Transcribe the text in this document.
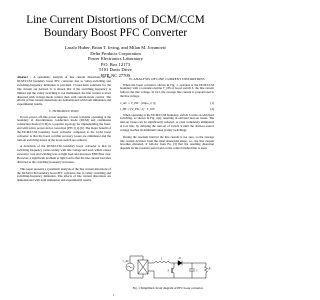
Line Current Distortions of DCM/CCM
Boundary Boost PFC Converter
Laszlo Huber, Brian T. Irving, and Milan M. Jovanović
Delta Products Corporation
Power Electronics Laboratory
P.O. Box 12173
5101 Davis Drive
RTP, NC 27709

Abstract – A systematic analysis of line current distortions of the DCM/CCM boundary boost PFC converter due to valley-switching and switching-frequency limitation is provided. Closed-form solutions for the line current are derived. It is shown that if the switching frequency is limited and the valley switching is not maintained, the line current is more distorted with voltage-mode control than with current-mode control. The effects of line current distortions are demonstrated with both simulation and experimental results.

I. INTRODUCTION

In low-power, off-line power supplies, a boost converter operating at the boundary of discontinuous conduction mode (DCM) and continuous conduction mode (CCM) is a popular topology for implementing the front-end with active power-factor correction (PFC) [1]-[6]. The major benefit of the DCM/CCM boundary boost converter compared to the CCM boost converter is that the boost rectifier recovery losses are eliminated and the turn-on switching losses of the boost switch are reduced.

A drawback of the DCM/CCM boundary boost converter is that its switching frequency varies widely with line voltage and load, which causes excessive core and winding loss at light load and increases EMI filter size. However, a significant problem at light load is that the line current becomes distorted as the switching frequency increases.

This paper presents a systematic analysis of the line current distortions of the DCM/CCM boundary boost PFC converter due to valley switching and switching-frequency limitation. The effects of line current distortions are demonstrated with both simulation and experimental results.

II. ANALYSIS OF LINE CURRENT DISTORTIONS

When the boost converter, shown in Fig. 1, operates at the DCM/CCM boundary with a constant on-time T_ON of boost switch S, the line current follows the line voltage. In fact, the average line current is proportional to the line voltage.

v_AC = V_PK · |sin(ω_L t)|	(1)
i_PK = (V_PK / L) · T_ON	(2)

When operating at the DCM/CCM boundary, switch S turns on with hard switching, as shown in Fig. 2(a), resulting in elevated turn-on losses. The turn-on losses can be significantly reduced, or even completely eliminated at low line, by delaying the turn-on of switch S until the drain-to-source voltage reaches its minimum value (valley switching).

During the resonant interval the line current is not zero, so the average line current deviates from the ideal sinusoidal shape, i.e., the line current becomes distorted. It follows from Eq. (3) that the resulting distortion depends on the resonant period and on the control method that is used.

L	D
S	C	R
v_AC
Fig. 1 Simplified circuit diagram of PFC boost converter.
1
